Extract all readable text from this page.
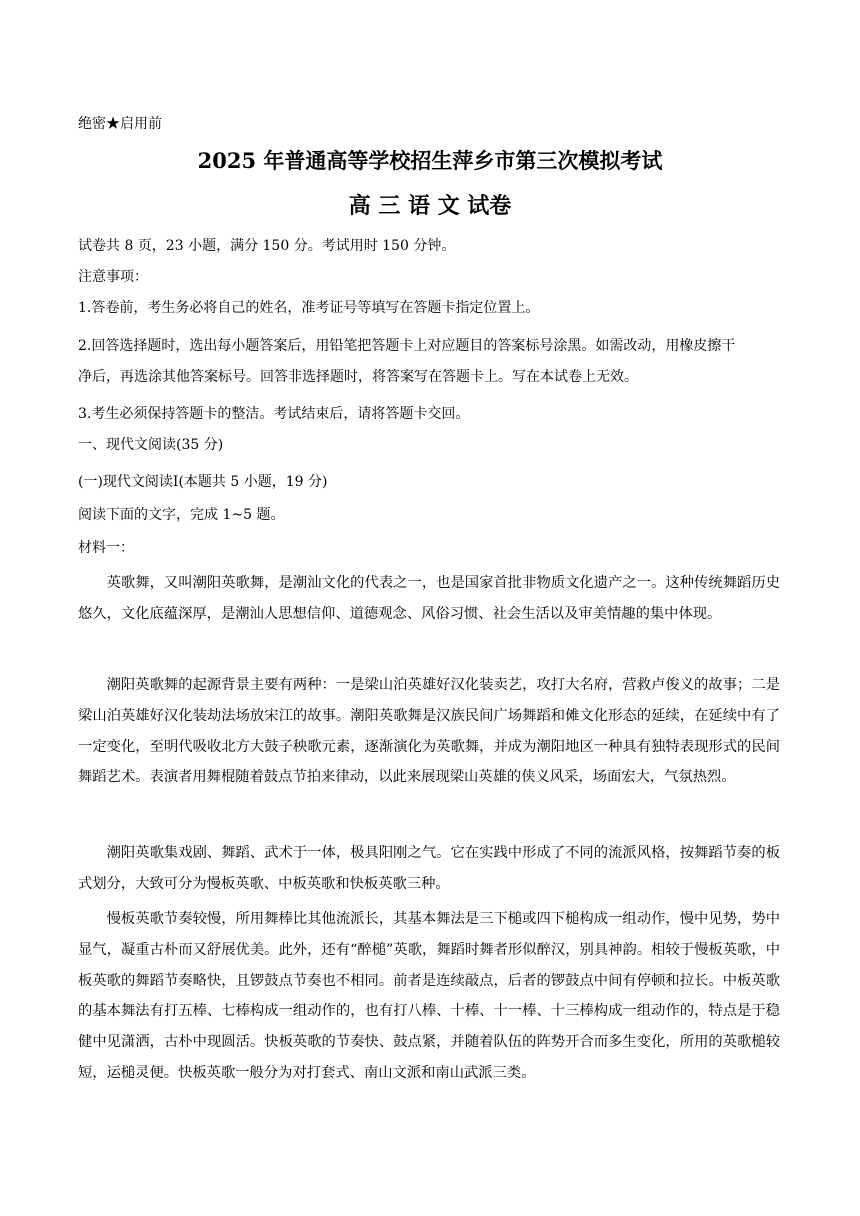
绝密★启用前
2025 年普通高等学校招生萍乡市第三次模拟考试
高 三 语 文 试卷
试卷共 8 页，23 小题，满分 150 分。考试用时 150 分钟。
注意事项：
1.答卷前，考生务必将自己的姓名，准考证号等填写在答题卡指定位置上。
2.回答选择题时，选出每小题答案后，用铅笔把答题卡上对应题目的答案标号涂黑。如需改动，用橡皮擦干
净后，再选涂其他答案标号。回答非选择题时，将答案写在答题卡上。写在本试卷上无效。
3.考生必须保持答题卡的整洁。考试结束后，请将答题卡交回。
一、现代文阅读(35 分)
(一)现代文阅读Ⅰ(本题共 5 小题，19 分)
阅读下面的文字，完成 1~5 题。
材料一：
英歌舞，又叫潮阳英歌舞，是潮汕文化的代表之一，也是国家首批非物质文化遗产之一。这种传统舞蹈历史悠久，文化底蕴深厚，是潮汕人思想信仰、道德观念、风俗习惯、社会生活以及审美情趣的集中体现。
潮阳英歌舞的起源背景主要有两种：一是梁山泊英雄好汉化装卖艺，攻打大名府，营救卢俊义的故事；二是梁山泊英雄好汉化装劫法场放宋江的故事。潮阳英歌舞是汉族民间广场舞蹈和傩文化形态的延续，在延续中有了一定变化，至明代吸收北方大鼓子秧歌元素，逐渐演化为英歌舞，并成为潮阳地区一种具有独特表现形式的民间舞蹈艺术。表演者用舞棍随着鼓点节拍来律动，以此来展现梁山英雄的侠义风采，场面宏大，气氛热烈。
潮阳英歌集戏剧、舞蹈、武术于一体，极具阳刚之气。它在实践中形成了不同的流派风格，按舞蹈节奏的板式划分，大致可分为慢板英歌、中板英歌和快板英歌三种。
慢板英歌节奏较慢，所用舞棒比其他流派长，其基本舞法是三下槌或四下槌构成一组动作，慢中见势，势中显气，凝重古朴而又舒展优美。此外，还有“醉槌”英歌，舞蹈时舞者形似醉汉，别具神韵。相较于慢板英歌，中板英歌的舞蹈节奏略快，且锣鼓点节奏也不相同。前者是连续敲点，后者的锣鼓点中间有停顿和拉长。中板英歌的基本舞法有打五棒、七棒构成一组动作的，也有打八棒、十棒、十一棒、十三棒构成一组动作的，特点是于稳健中见潇洒，古朴中现圆活。快板英歌的节奏快、鼓点紧，并随着队伍的阵势开合而多生变化，所用的英歌槌较短，运槌灵便。快板英歌一般分为对打套式、南山文派和南山武派三类。
